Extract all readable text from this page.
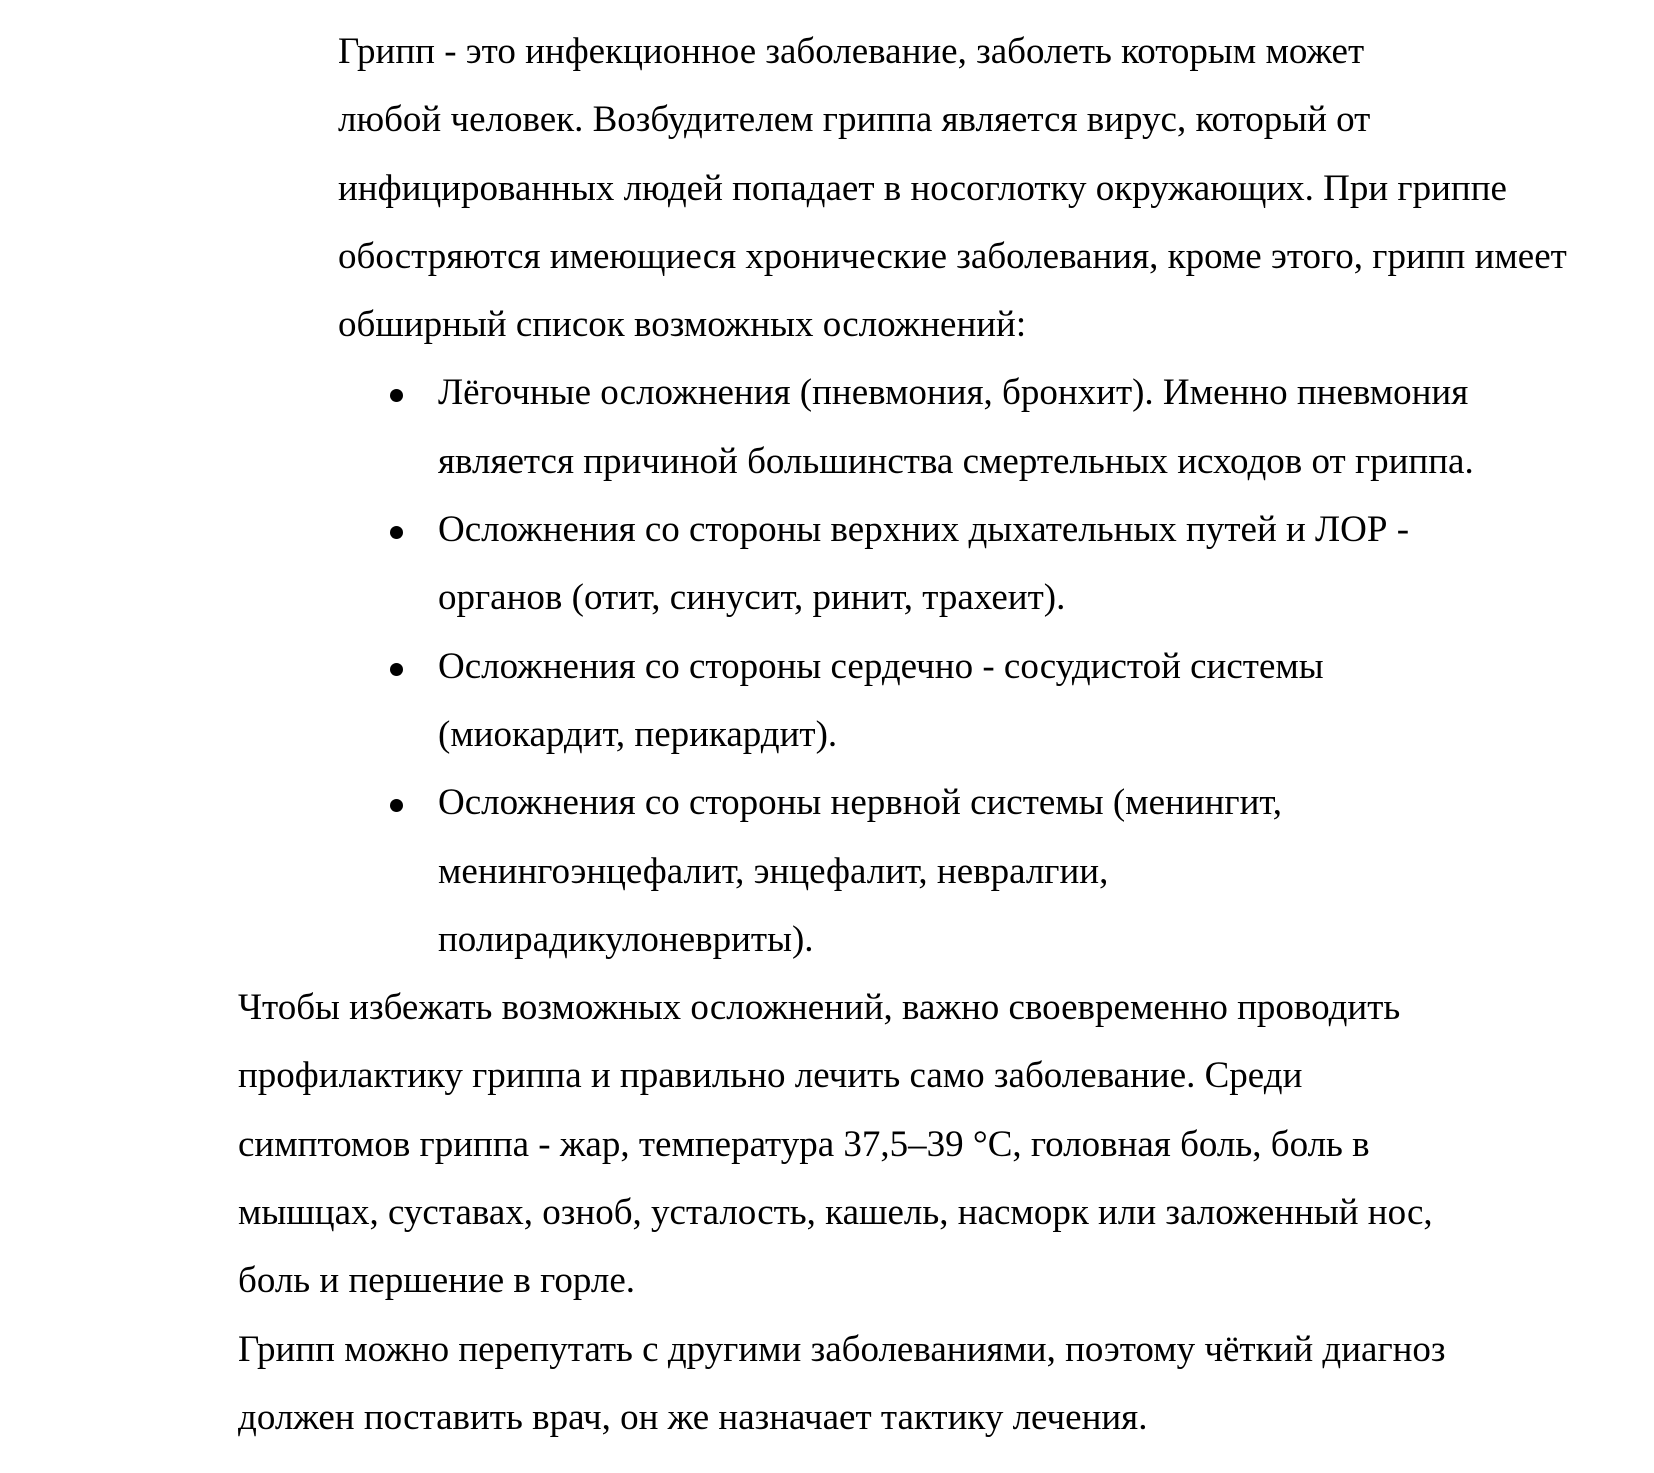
Грипп - это инфекционное заболевание, заболеть которым может
любой человек. Возбудителем гриппа является вирус, который от
инфицированных людей попадает в носоглотку окружающих. При гриппе
обостряются имеющиеся хронические заболевания, кроме этого, грипп имеет
обширный список возможных осложнений:

Лёгочные осложнения (пневмония, бронхит). Именно пневмония
является причиной большинства смертельных исходов от гриппа.
Осложнения со стороны верхних дыхательных путей и ЛОР -
органов (отит, синусит, ринит, трахеит).
Осложнения со стороны сердечно - сосудистой системы
(миокардит, перикардит).
Осложнения со стороны нервной системы (менингит,
менингоэнцефалит, энцефалит, невралгии,
полирадикулоневриты).

Чтобы избежать возможных осложнений, важно своевременно проводить
профилактику гриппа и правильно лечить само заболевание. Среди
симптомов гриппа - жар, температура 37,5–39 °C, головная боль, боль в
мышцах, суставах, озноб, усталость, кашель, насморк или заложенный нос,
боль и першение в горле.

Грипп можно перепутать с другими заболеваниями, поэтому чёткий диагноз
должен поставить врач, он же назначает тактику лечения.
